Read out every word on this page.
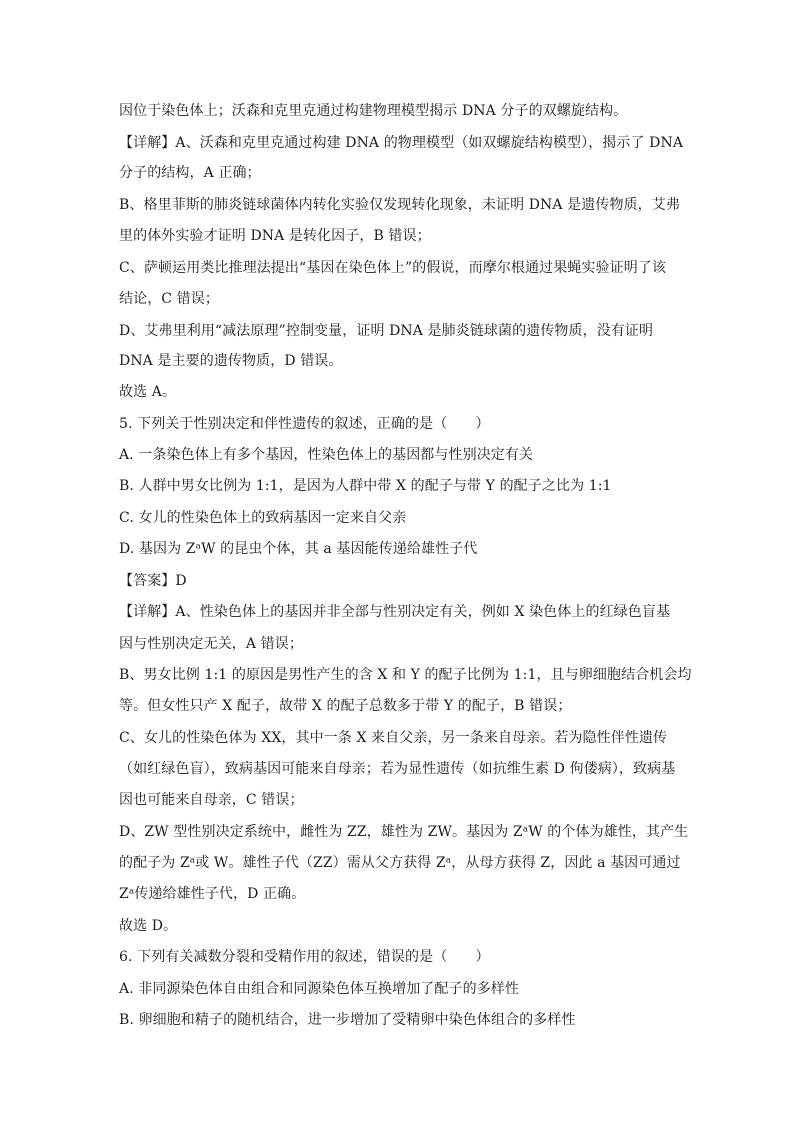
因位于染色体上；沃森和克里克通过构建物理模型揭示 DNA 分子的双螺旋结构。
【详解】A、沃森和克里克通过构建 DNA 的物理模型（如双螺旋结构模型），揭示了 DNA
分子的结构，A 正确；
B、格里菲斯的肺炎链球菌体内转化实验仅发现转化现象，未证明 DNA 是遗传物质，艾弗
里的体外实验才证明 DNA 是转化因子，B 错误；
C、萨顿运用类比推理法提出“基因在染色体上”的假说，而摩尔根通过果蝇实验证明了该
结论，C 错误；
D、艾弗里利用“减法原理”控制变量，证明 DNA 是肺炎链球菌的遗传物质，没有证明
DNA 是主要的遗传物质，D 错误。
故选 A。
5. 下列关于性别决定和伴性遗传的叙述，正确的是（　　）
A. 一条染色体上有多个基因，性染色体上的基因都与性别决定有关
B. 人群中男女比例为 1:1，是因为人群中带 X 的配子与带 Y 的配子之比为 1:1
C. 女儿的性染色体上的致病基因一定来自父亲
D. 基因为 ZᵃW 的昆虫个体，其 a 基因能传递给雄性子代
【答案】D
【详解】A、性染色体上的基因并非全部与性别决定有关，例如 X 染色体上的红绿色盲基
因与性别决定无关，A 错误；
B、男女比例 1:1 的原因是男性产生的含 X 和 Y 的配子比例为 1:1，且与卵细胞结合机会均
等。但女性只产 X 配子，故带 X 的配子总数多于带 Y 的配子，B 错误；
C、女儿的性染色体为 XX，其中一条 X 来自父亲，另一条来自母亲。若为隐性伴性遗传
（如红绿色盲），致病基因可能来自母亲；若为显性遗传（如抗维生素 D 佝偻病），致病基
因也可能来自母亲，C 错误；
D、ZW 型性别决定系统中，雌性为 ZZ，雄性为 ZW。基因为 ZᵃW 的个体为雄性，其产生
的配子为 Zᵃ或 W。雄性子代（ZZ）需从父方获得 Zᵃ，从母方获得 Z，因此 a 基因可通过
Zᵃ传递给雄性子代，D 正确。
故选 D。
6. 下列有关减数分裂和受精作用的叙述，错误的是（　　）
A. 非同源染色体自由组合和同源染色体互换增加了配子的多样性
B. 卵细胞和精子的随机结合，进一步增加了受精卵中染色体组合的多样性
